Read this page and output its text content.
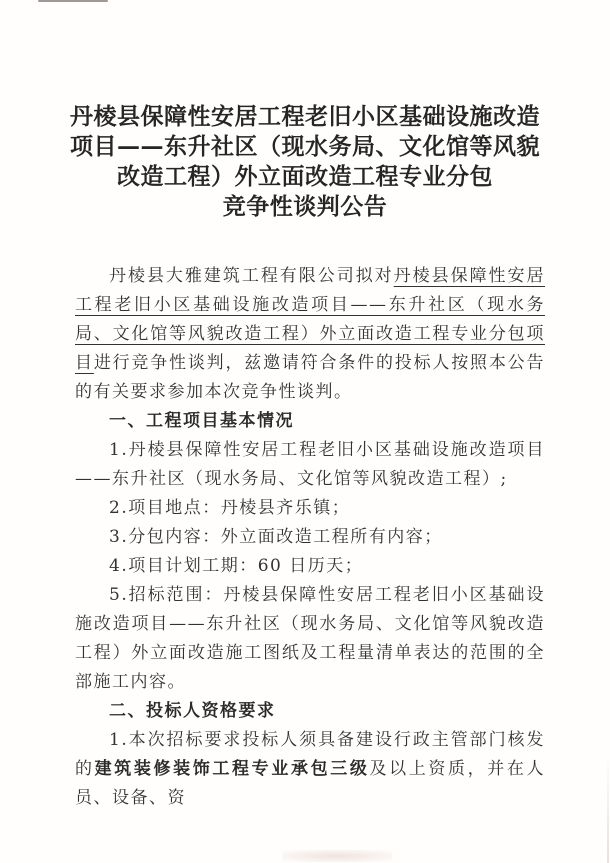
丹棱县保障性安居工程老旧小区基础设施改造
项目——东升社区（现水务局、文化馆等风貌
改造工程）外立面改造工程专业分包
竞争性谈判公告

丹棱县大雅建筑工程有限公司拟对丹棱县保障性安居工程老旧小区基础设施改造项目——东升社区（现水务局、文化馆等风貌改造工程）外立面改造工程专业分包项目进行竞争性谈判，兹邀请符合条件的投标人按照本公告的有关要求参加本次竞争性谈判。

一、工程项目基本情况

1.丹棱县保障性安居工程老旧小区基础设施改造项目——东升社区（现水务局、文化馆等风貌改造工程）;

2.项目地点：丹棱县齐乐镇；

3.分包内容：外立面改造工程所有内容；

4.项目计划工期：60 日历天；

5.招标范围：丹棱县保障性安居工程老旧小区基础设施改造项目——东升社区（现水务局、文化馆等风貌改造工程）外立面改造施工图纸及工程量清单表达的范围的全部施工内容。

二、投标人资格要求

1.本次招标要求投标人须具备建设行政主管部门核发的建筑装修装饰工程专业承包三级及以上资质，并在人员、设备、资
